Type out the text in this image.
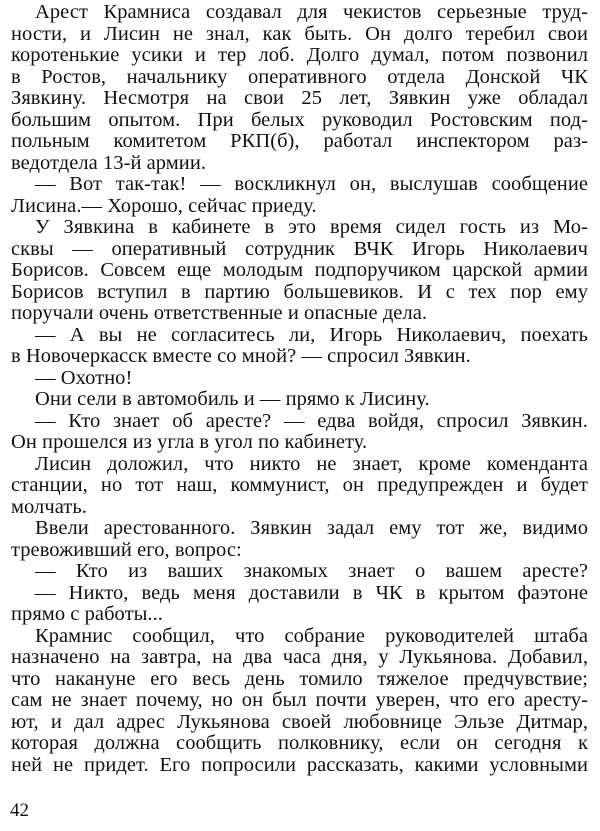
Арест Крамниса создавал для чекистов серьезные труд-
ности, и Лисин не знал, как быть. Он долго теребил свои
коротенькие усики и тер лоб. Долго думал, потом позвонил
в Ростов, начальнику оперативного отдела Донской ЧК
Зявкину. Несмотря на свои 25 лет, Зявкин уже обладал
большим опытом. При белых руководил Ростовским под-
польным комитетом РКП(б), работал инспектором раз-
ведотдела 13-й армии.
— Вот так-так! — воскликнул он, выслушав сообщение
Лисина.— Хорошо, сейчас приеду.
У Зявкина в кабинете в это время сидел гость из Мо-
сквы — оперативный сотрудник ВЧК Игорь Николаевич
Борисов. Совсем еще молодым подпоручиком царской армии
Борисов вступил в партию большевиков. И с тех пор ему
поручали очень ответственные и опасные дела.
— А вы не согласитесь ли, Игорь Николаевич, поехать
в Новочеркасск вместе со мной? — спросил Зявкин.
— Охотно!
Они сели в автомобиль и — прямо к Лисину.
— Кто знает об аресте? — едва войдя, спросил Зявкин.
Он прошелся из угла в угол по кабинету.
Лисин доложил, что никто не знает, кроме коменданта
станции, но тот наш, коммунист, он предупрежден и будет
молчать.
Ввели арестованного. Зявкин задал ему тот же, видимо
тревоживший его, вопрос:
— Кто из ваших знакомых знает о вашем аресте?
— Никто, ведь меня доставили в ЧК в крытом фаэтоне
прямо с работы...
Крамнис сообщил, что собрание руководителей штаба
назначено на завтра, на два часа дня, у Лукьянова. Добавил,
что накануне его весь день томило тяжелое предчувствие;
сам не знает почему, но он был почти уверен, что его аресту-
ют, и дал адрес Лукьянова своей любовнице Эльзе Дитмар,
которая должна сообщить полковнику, если он сегодня к
ней не придет. Его попросили рассказать, какими условными
42
